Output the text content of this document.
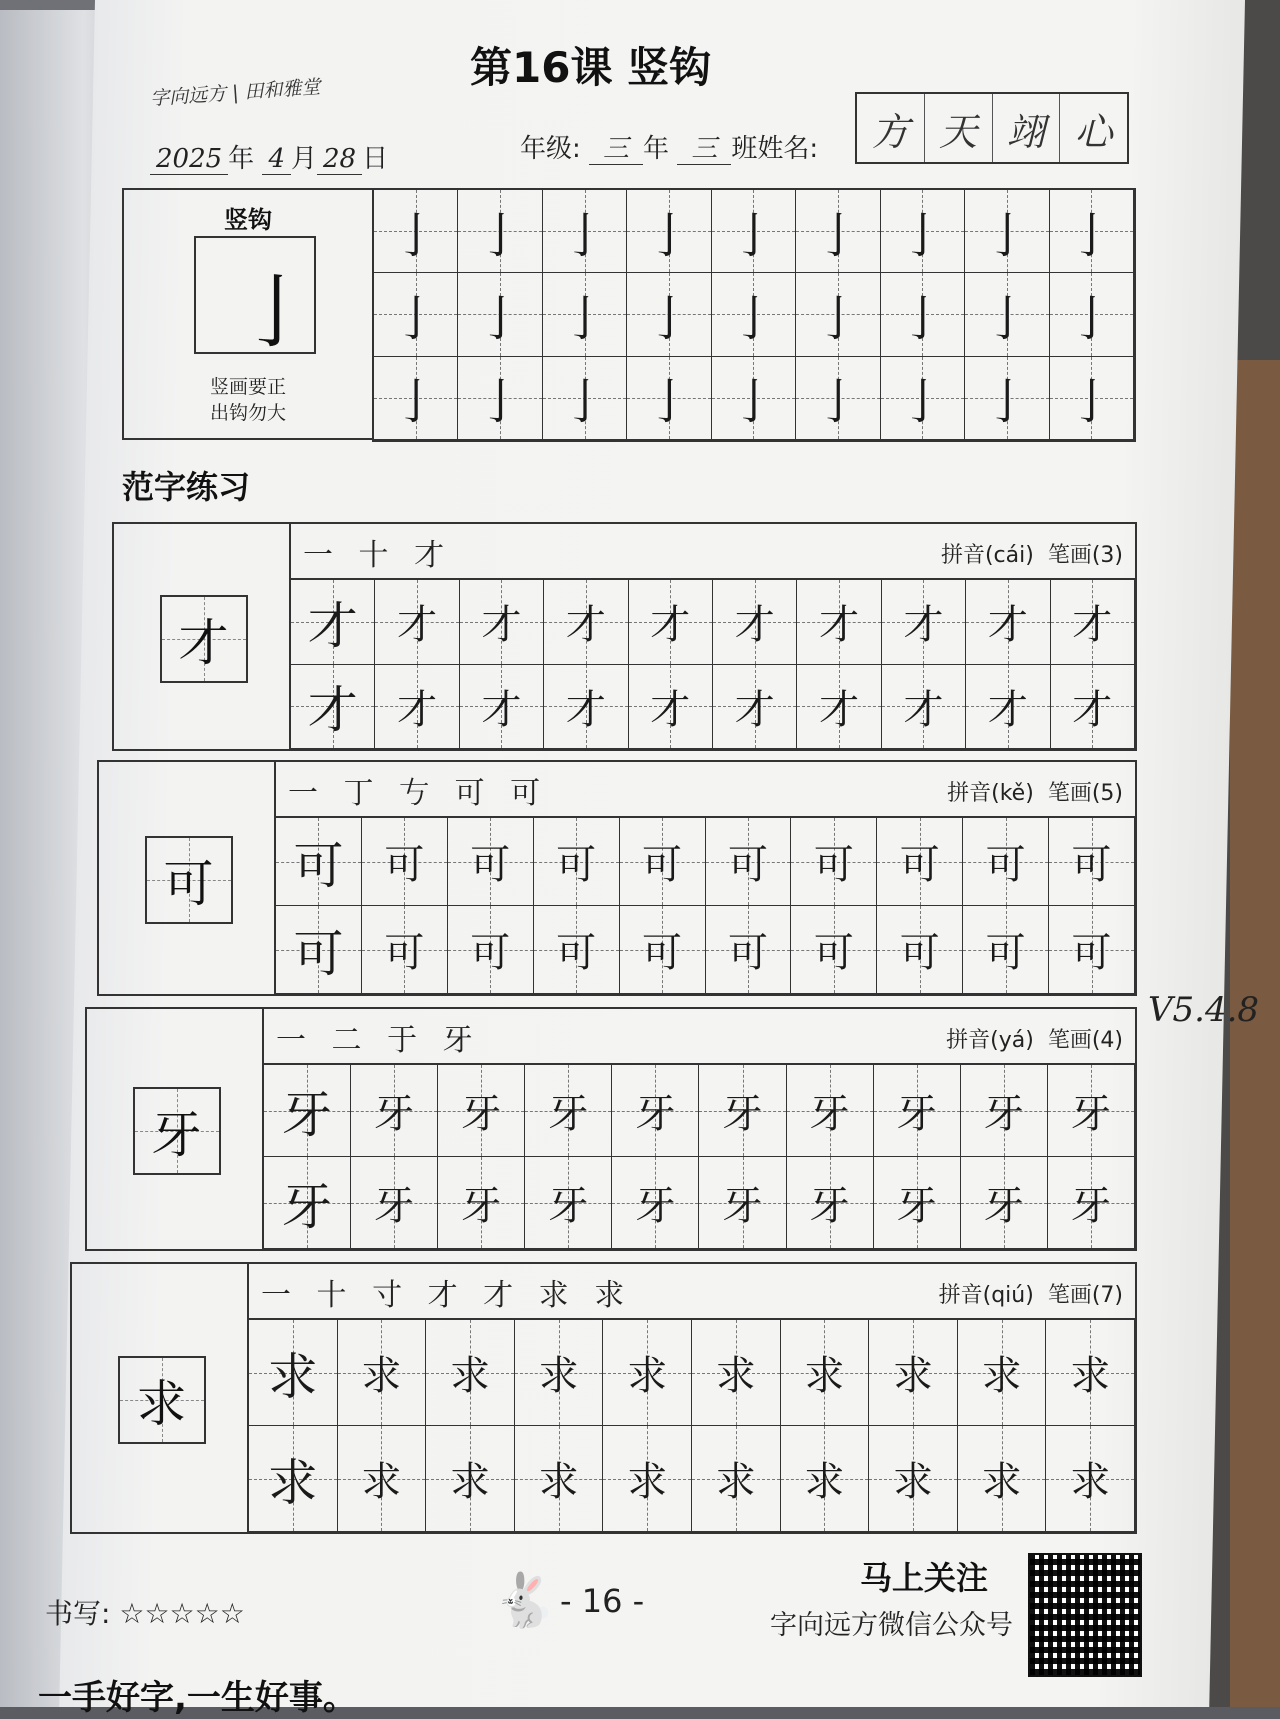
第16课 竖钩
字向远方 | 田和雅堂
2025 年 4 月 28 日	年级: 三 年 三 班姓名:	方 天 翊 心
竖钩
亅
竖画要正
出钩勿大
亅 亅 亅 亅 亅 亅 亅 亅 亅
亅 亅 亅 亅 亅 亅 亅 亅 亅
亅 亅 亅 亅 亅 亅 亅 亅 亅
范字练习
才
一 十 才	拼音(cái) 笔画(3)
才 才 才 才 才 才 才 才 才 才
才 才 才 才 才 才 才 才 才 才
可
一 丁 𠀁 可 可	拼音(kě) 笔画(5)
可 可 可 可 可 可 可 可 可 可
可 可 可 可 可 可 可 可 可 可
牙
一 二 于 牙	拼音(yá) 笔画(4)
牙 牙 牙 牙 牙 牙 牙 牙 牙 牙
牙 牙 牙 牙 牙 牙 牙 牙 牙 牙
求
一 十 寸 才 才 求 求	拼音(qiú) 笔画(7)
求 求 求 求 求 求 求 求 求 求
求 求 求 求 求 求 求 求 求 求
V5.4.8
书写: ☆☆☆☆☆	🐇 - 16 -
马上关注
字向远方微信公众号
一手好字,一生好事。
